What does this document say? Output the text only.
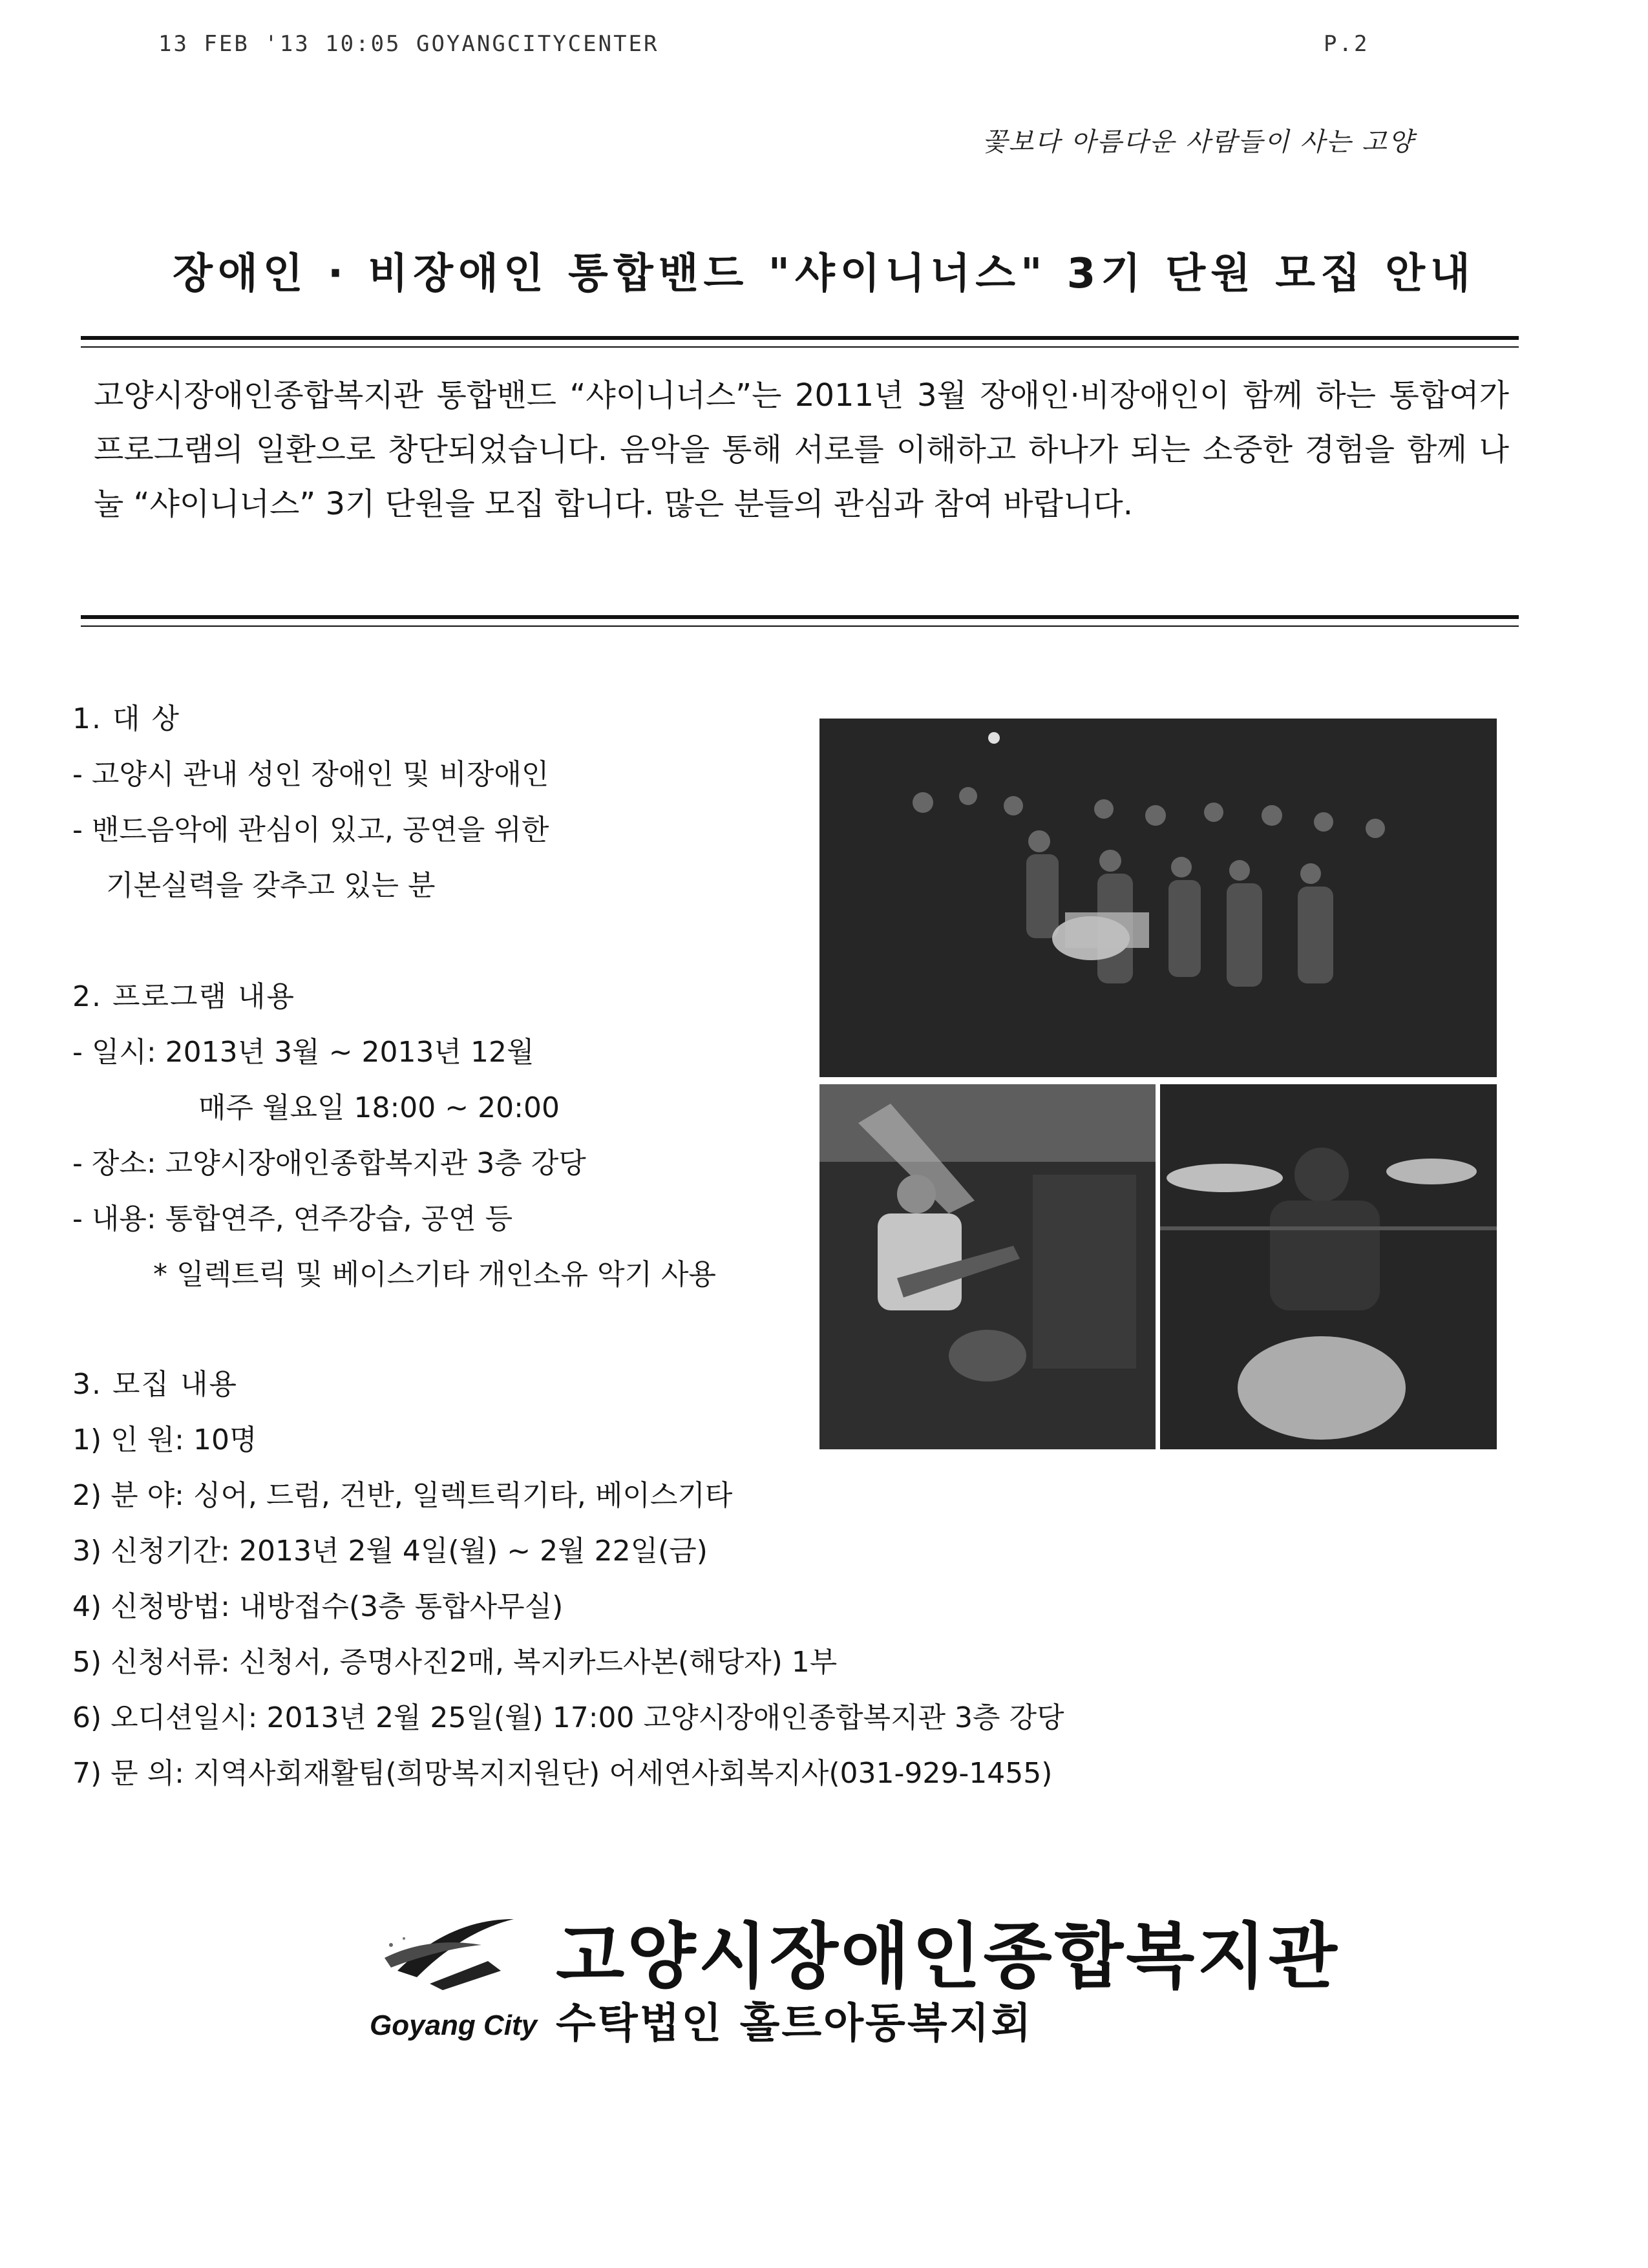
13 FEB '13 10:05 GOYANGCITYCENTER	P.2
꽃보다 아름다운 사람들이 사는 고양
장애인 · 비장애인 통합밴드 "샤이니너스" 3기 단원 모집 안내
고양시장애인종합복지관 통합밴드 “샤이니너스”는 2011년 3월 장애인·비장애인이 함께 하는 통합여가프로그램의 일환으로 창단되었습니다. 음악을 통해 서로를 이해하고 하나가 되는 소중한 경험을 함께 나눌 “샤이니너스” 3기 단원을 모집 합니다. 많은 분들의 관심과 참여 바랍니다.
1. 대 상
- 고양시 관내 성인 장애인 및 비장애인
- 밴드음악에 관심이 있고, 공연을 위한
기본실력을 갖추고 있는 분
2. 프로그램 내용
- 일시: 2013년 3월 ~ 2013년 12월
매주 월요일 18:00 ~ 20:00
- 장소: 고양시장애인종합복지관 3층 강당
- 내용: 통합연주, 연주강습, 공연 등
* 일렉트릭 및 베이스기타 개인소유 악기 사용
3. 모집 내용
1) 인 원: 10명
2) 분 야: 싱어, 드럼, 건반, 일렉트릭기타, 베이스기타
3) 신청기간: 2013년 2월 4일(월) ~ 2월 22일(금)
4) 신청방법: 내방접수(3층 통합사무실)
5) 신청서류: 신청서, 증명사진2매, 복지카드사본(해당자) 1부
6) 오디션일시: 2013년 2월 25일(월) 17:00 고양시장애인종합복지관 3층 강당
7) 문 의: 지역사회재활팀(희망복지지원단) 어세연사회복지사(031-929-1455)
Goyang City
고양시장애인종합복지관
수탁법인 홀트아동복지회
